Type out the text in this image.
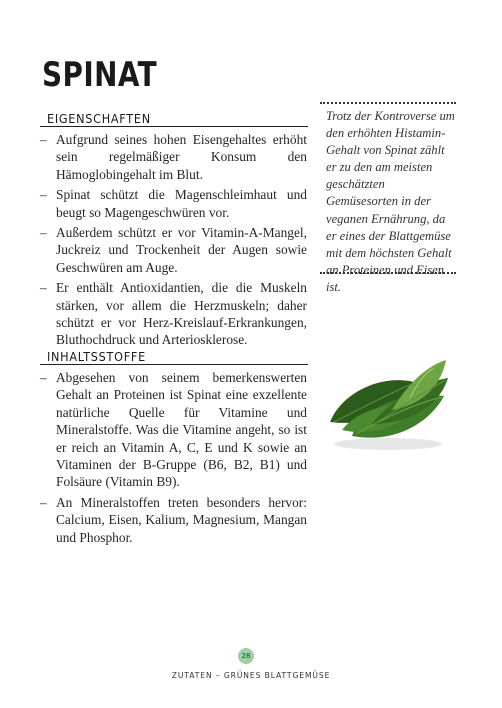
SPINAT
EIGENSCHAFTEN
– Aufgrund seines hohen Eisengehaltes erhöht sein regelmäßiger Konsum den Hämoglobingehalt im Blut.
– Spinat schützt die Magenschleimhaut und beugt so Magengeschwüren vor.
– Außerdem schützt er vor Vitamin-A-Mangel, Juckreiz und Trockenheit der Augen sowie Geschwüren am Auge.
– Er enthält Antioxidantien, die die Muskeln stärken, vor allem die Herzmuskeln; daher schützt er vor Herz-Kreislauf-Erkrankungen, Bluthochdruck und Arteriosklerose.
Trotz der Kontroverse um den erhöhten Histamin-Gehalt von Spinat zählt er zu den am meisten geschätzten Gemüsesorten in der veganen Ernährung, da er eines der Blattgemüse mit dem höchsten Gehalt an Proteinen und Eisen ist.
INHALTSSTOFFE
– Abgesehen von seinem bemerkenswerten Gehalt an Proteinen ist Spinat eine exzellente natürliche Quelle für Vitamine und Mineralstoffe. Was die Vitamine angeht, so ist er reich an Vitamin A, C, E und K sowie an Vitaminen der B-Gruppe (B6, B2, B1) und Folsäure (Vitamin B9).
– An Mineralstoffen treten besonders hervor: Calcium, Eisen, Kalium, Magnesium, Mangan und Phosphor.
28
ZUTATEN – GRÜNES BLATTGEMÜSE
